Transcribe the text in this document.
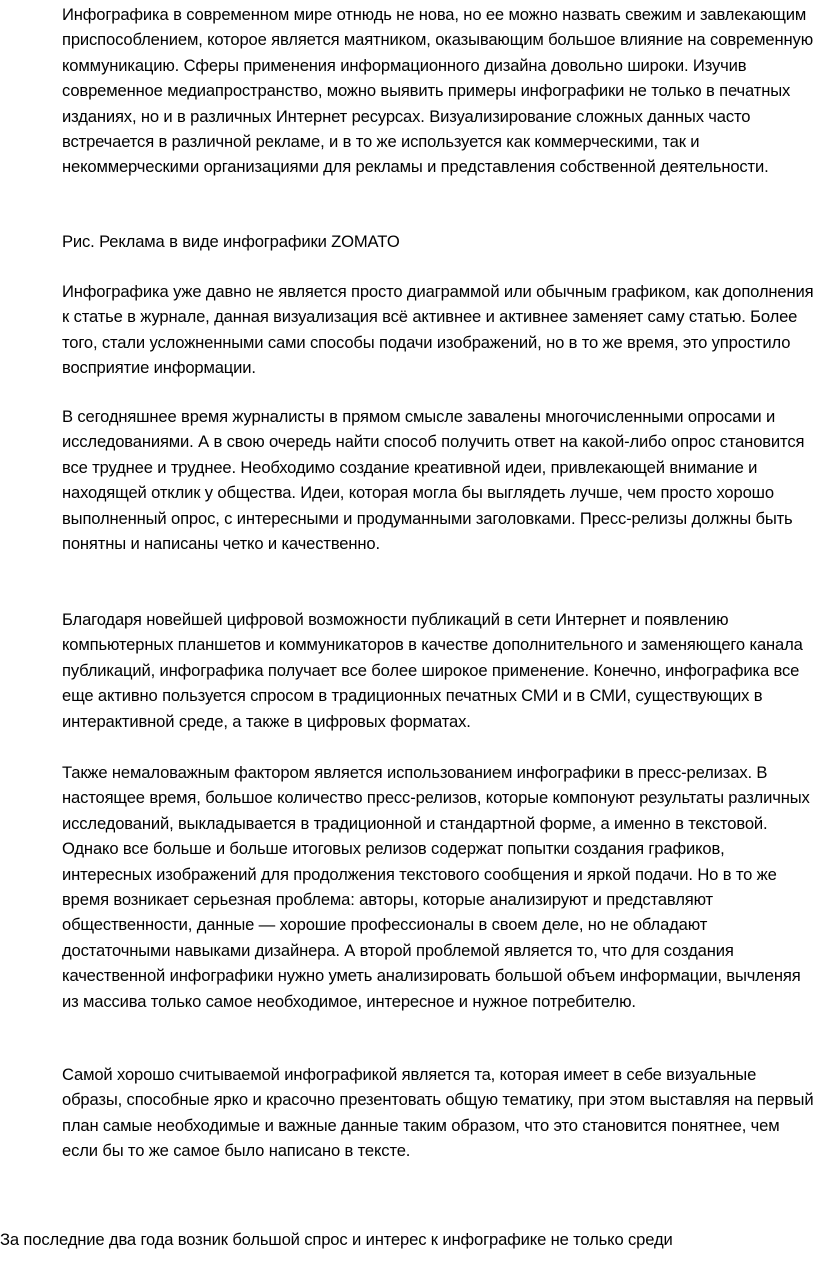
Инфографика в современном мире отнюдь не нова, но ее можно назвать свежим и завлекающим приспособлением, которое является маятником, оказывающим большое влияние на современную коммуникацию. Сферы применения информационного дизайна довольно широки. Изучив современное медиапространство, можно выявить примеры инфографики не только в печатных изданиях, но и в различных Интернет ресурсах. Визуализирование сложных данных часто встречается в различной рекламе, и в то же используется как коммерческими, так и некоммерческими организациями для рекламы и представления собственной деятельности.

Рис. Реклама в виде инфографики ZOMATO

Инфографика уже давно не является просто диаграммой или обычным графиком, как дополнения к статье в журнале, данная визуализация всё активнее и активнее заменяет саму статью. Более того, стали усложненными сами способы подачи изображений, но в то же время, это упростило восприятие информации.

В сегодняшнее время журналисты в прямом смысле завалены многочисленными опросами и исследованиями. А в свою очередь найти способ получить ответ на какой-либо опрос становится все труднее и труднее. Необходимо создание креативной идеи, привлекающей внимание и находящей отклик у общества. Идеи, которая могла бы выглядеть лучше, чем просто хорошо выполненный опрос, с интересными и продуманными заголовками. Пресс-релизы должны быть понятны и написаны четко и качественно.

Благодаря новейшей цифровой возможности публикаций в сети Интернет и появлению компьютерных планшетов и коммуникаторов в качестве дополнительного и заменяющего канала публикаций, инфографика получает все более широкое применение. Конечно, инфографика все еще активно пользуется спросом в традиционных печатных СМИ и в СМИ, существующих в интерактивной среде, а также в цифровых форматах.

Также немаловажным фактором является использованием инфографики в пресс-релизах. В настоящее время, большое количество пресс-релизов, которые компонуют результаты различных исследований, выкладывается в традиционной и стандартной форме, а именно в текстовой. Однако все больше и больше итоговых релизов содержат попытки создания графиков, интересных изображений для продолжения текстового сообщения и яркой подачи. Но в то же время возникает серьезная проблема: авторы, которые анализируют и представляют общественности, данные — хорошие профессионалы в своем деле, но не обладают достаточными навыками дизайнера. А второй проблемой является то, что для создания качественной инфографики нужно уметь анализировать большой объем информации, вычленяя из массива только самое необходимое, интересное и нужное потребителю.

Самой хорошо считываемой инфографикой является та, которая имеет в себе визуальные образы, способные ярко и красочно презентовать общую тематику, при этом выставляя на первый план самые необходимые и важные данные таким образом, что это становится понятнее, чем если бы то же самое было написано в тексте.

За последние два года возник большой спрос и интерес к инфографике не только среди
